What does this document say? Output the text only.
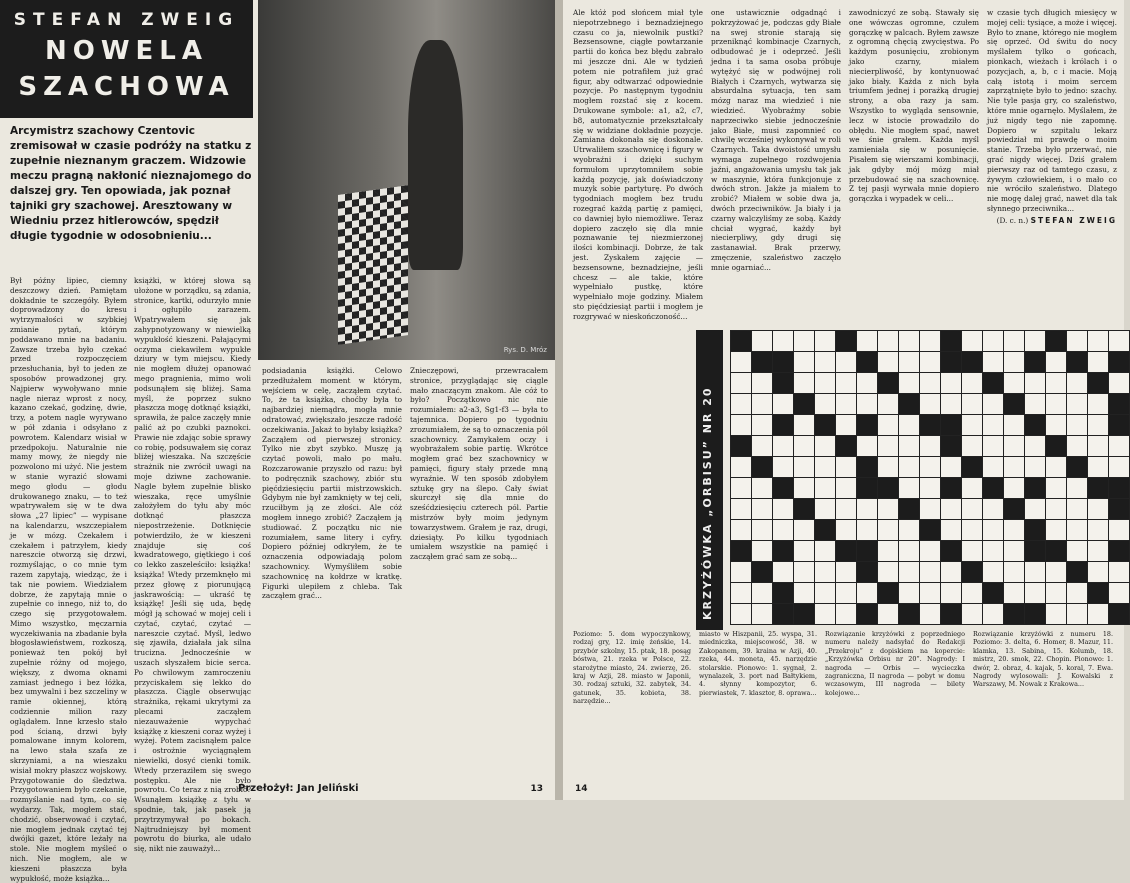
STEFAN ZWEIG
NOWELA
SZACHOWA
Rys. D. Mróz
Arcymistrz szachowy Czentovic zremisował w czasie podróży na statku z zupełnie nieznanym graczem. Widzowie meczu pragną nakłonić nieznajomego do dalszej gry. Ten opowiada, jak poznał tajniki gry szachowej. Aresztowany w Wiedniu przez hitlerowców, spędził długie tygodnie w odosobnieniu...
Był późny lipiec, ciemny deszczowy dzień. Pamiętam dokładnie te szczegóły. Byłem doprowadzony do kresu wytrzymałości w szybkiej zmianie pytań, którym poddawano mnie na badaniu. Zawsze trzeba było czekać przed rozpoczęciem przesłuchania, był to jeden ze sposobów prowadzonej gry. Najpierw wywoływano mnie nagle nieraz wprost z nocy, kazano czekać, godzinę, dwie, trzy, a potem nagle wyrywano w pół zdania i odsyłano z powrotem. Kalendarz wisiał w przedpokoju. Naturalnie nie mamy mowy, że niegdy nie pozwolono mi użyć. Nie jestem w stanie wyrazić słowami mego głodu — głodu drukowanego znaku, — to też wpatrywałem się w te dwa słowa „27 lipiec” — wypisane na kalendarzu, wszczepiałem je w mózg. Czekałem i czekałem i patrzyłem, kiedy nareszcie otworzą się drzwi, rozmyślając, o co mnie tym razem zapytają, wiedząc, że i tak nie powiem. Wiedziałem dobrze, że zapytają mnie o zupełnie co innego, niż to, do czego się przygotowałem. Mimo wszystko, męczarnia wyczekiwania na zbadanie była błogosławieństwem, rozkoszą, ponieważ ten pokój był zupełnie różny od mojego, większy, z dwoma oknami zamiast jednego i bez łóżka, bez umywalni i bez szczeliny w ramie okiennej, którą codziennie milion razy oglądałem. Inne krzesło stało pod ścianą, drzwi były pomalowane innym kolorem, na lewo stała szafa ze skrzyniami, a na wieszaku wisiał mokry płaszcz wojskowy. Przygotowanie do śledztwa. Przygotowaniem było czekanie, rozmyślanie nad tym, co się wydarzy. Tak, mogłem stać, chodzić, obserwować i czytać, nie mogłem jednak czytać tej dwójki gazet, które leżały na stole. Nie mogłem myśleć o nich. Nie mogłem, ale w kieszeni płaszcza była wypukłość, może książka...
książki, w której słowa są ułożone w porządku, są zdania, stronice, kartki, odurzyło mnie i ogłupiło zarazem. Wpatrywałem się jak zahypnotyzowany w niewielką wypukłość kieszeni. Pałającymi oczyma ciekawiłem wypukłe dziury w tym miejscu. Kiedy nie mogłem dłużej opanować mego pragnienia, mimo woli podsunąłem się bliżej. Sama myśl, że poprzez sukno płaszcza mogę dotknąć książki, sprawiła, że palce zaczęły mnie palić aż po czubki paznokci. Prawie nie zdając sobie sprawy co robię, podsuwałem się coraz bliżej wieszaka. Na szczęście strażnik nie zwrócił uwagi na moje dziwne zachowanie. Nagle byłem zupełnie blisko wieszaka, ręce umyślnie założyłem do tyłu aby móc dotknąć płaszcza niepostrzeżenie. Dotknięcie potwierdziło, że w kieszeni znajduje się coś kwadratowego, giętkiego i coś co lekko zaszeleściło: książka! książka! Wtedy przemknęło mi przez głowę z piorunującą jaskrawością: — ukraść tę książkę! Jeśli się uda, będę mógł ją schować w mojej celi i czytać, czytać, czytać — nareszcie czytać. Myśl, ledwo się zjawiła, działała jak silna trucizna. Jednocześnie w uszach słyszałem bicie serca. Po chwilowym zamroczeniu przyciskałem się lekko do płaszcza. Ciągle obserwując strażnika, rękami ukrytymi za plecami zacząłem niezauważenie wypychać książkę z kieszeni coraz wyżej i wyżej. Potem zacisnąłem palce i ostrożnie wyciągnąłem niewielki, dosyć cienki tomik. Wtedy przeraziłem się swego postępku. Ale nie było powrotu. Co teraz z nią zrobić? Wsunąłem książkę z tyłu w spodnie, tak, jak pasek ją przytrzymywał po bokach. Najtrudniejszy był moment powrotu do biurka, ale udało się, nikt nie zauważył...
podsiadania książki. Celowo przedłużałem moment w którym, wejściem w celę, zacząłem czytać. To, że ta książka, choćby była to najbardziej niemądra, mogła mnie odratować, zwiększało jeszcze radość oczekiwania. Jakaż to byłaby książka? Zacząłem od pierwszej stronicy. Tylko nie zbyt szybko. Muszę ją czytać powoli, mało po mału. Rozczarowanie przyszło od razu: był to podręcznik szachowy, zbiór stu pięćdziesięciu partii mistrzowskich. Gdybym nie był zamknięty w tej celi, rzuciłbym ją ze złości. Ale cóż mogłem innego zrobić? Zacząłem ją studiować. Z początku nic nie rozumiałem, same litery i cyfry. Dopiero później odkryłem, że te oznaczenia odpowiadają polom szachownicy. Wymyśliłem sobie szachownicę na kołdrze w kratkę. Figurki ulepiłem z chleba. Tak zacząłem grać...
Znieczępowi, przewracałem stronice, przyglądając się ciągle mało znaczącym znakom. Ale cóż to było? Początkowo nic nie rozumiałem: a2-a3, Sg1-f3 — była to tajemnica. Dopiero po tygodniu zrozumiałem, że są to oznaczenia pól szachownicy. Zamykałem oczy i wyobrażałem sobie partię. Wkrótce mogłem grać bez szachownicy w pamięci, figury stały przede mną wyraźnie. W ten sposób zdobyłem sztukę gry na ślepo. Cały świat skurczył się dla mnie do sześćdziesięciu czterech pól. Partie mistrzów były moim jedynym towarzystwem. Grałem je raz, drugi, dziesiąty. Po kilku tygodniach umiałem wszystkie na pamięć i zacząłem grać sam ze sobą...
Przełożył: Jan Jeliński	13
Ale któż pod słońcem miał tyle niepotrzebnego i beznadziejnego czasu co ja, niewolnik pustki? Bezsensowne, ciągłe powtarzanie partii do końca bez błędu zabrało mi jeszcze dni. Ale w tydzień potem nie potrafiłem już grać figur, aby odtwarzać odpowiednie pozycje. Po następnym tygodniu mogłem rozstać się z kocem. Drukowane symbole: a1, a2, c7, b8, automatycznie przekształcały się w widziane dokładnie pozycje. Zamiana dokonała się doskonale. Utrwaliłem szachownicę i figury w wyobraźni i dzięki suchym formułom uprzytomniłem sobie każdą pozycję, jak doświadczony muzyk sobie partyturę. Po dwóch tygodniach mogłem bez trudu rozegrać każdą partię z pamięci, co dawniej było niemożliwe. Teraz dopiero zaczęło się dla mnie poznawanie tej niezmierzonej ilości kombinacji. Dobrze, że tak jest. Zyskałem zajęcie — bezsensowne, beznadziejne, jeśli chcesz — ale takie, które wypełniało pustkę, które wypełniało moje godziny. Miałem sto pięćdziesiąt partii i mogłem je rozgrywać w nieskończoność...
one ustawicznie odgadnąć i pokrzyżować je, podczas gdy Białe na swej stronie starają się przeniknąć kombinacje Czarnych, odbudować je i odeprzeć. Jeśli jedna i ta sama osoba próbuje wytężyć się w podwójnej roli Białych i Czarnych, wytwarza się absurdalna sytuacja, ten sam mózg naraz ma wiedzieć i nie wiedzieć. Wyobraźmy sobie naprzeciwko siebie jednocześnie jako Białe, musi zapomnieć co chwilę wcześniej wykonywał w roli Czarnych. Taka dwoistość umysłu wymaga zupełnego rozdwojenia jaźni, angażowania umysłu tak jak w maszynie, która funkcjonuje z dwóch stron. Jakże ja miałem to zrobić? Miałem w sobie dwa ja, dwóch przeciwników. Ja biały i ja czarny walczyliśmy ze sobą. Każdy chciał wygrać, każdy był niecierpliwy, gdy drugi się zastanawiał. Brak przerwy, zmęczenie, szaleństwo zaczęło mnie ogarniać...
zawodniczyć ze sobą. Stawały się one wówczas ogromne, czułem gorączkę w palcach. Byłem zawsze z ogromną chęcią zwycięstwa. Po każdym posunięciu, zrobionym jako czarny, miałem niecierpliwość, by kontynuować jako biały. Każda z nich była triumfem jednej i porażką drugiej strony, a oba razy ja sam. Wszystko to wygląda sensownie, lecz w istocie prowadziło do obłędu. Nie mogłem spać, nawet we śnie grałem. Każda myśl zamieniała się w posunięcie. Pisałem się wierszami kombinacji, jak gdyby mój mózg miał przebudować się na szachownicę. Z tej pasji wyrwała mnie dopiero gorączka i wypadek w celi...
w czasie tych długich miesięcy w mojej celi: tysiące, a może i więcej. Było to znane, którego nie mogłem się oprzeć. Od świtu do nocy myślałem tylko o gońcach, pionkach, wieżach i królach i o pozycjach, a, b, c i macie. Moją całą istotą i moim sercem zaprzątnięte było to jedno: szachy. Nie tyle pasja gry, co szaleństwo, które mnie ogarnęło. Myślałem, że już nigdy tego nie zapomnę. Dopiero w szpitalu lekarz powiedział mi prawdę o moim stanie. Trzeba było przerwać, nie grać nigdy więcej. Dziś grałem pierwszy raz od tamtego czasu, z żywym człowiekiem, i o mało co nie wróciło szaleństwo. Dlatego nie mogę dalej grać, nawet dla tak słynnego przeciwnika...
(D. c. n.) STEFAN ZWEIG
KRZYŻÓWKA „ORBISU” NR 20
Poziomo: 5. dom wypoczynkowy, rodzaj gry, 12. imię żeńskie, 14. przybór szkolny, 15. ptak, 18. posąg bóstwa, 21. rzeka w Polsce, 22. starożytne miasto, 24. zwierzę, 26. kraj w Azji, 28. miasto w Japonii, 30. rodzaj sztuki, 32. zabytek, 34. gatunek, 35. kobieta, 38. narzędzie...
miasto w Hiszpanii, 25. wyspa, 31. miedniczka, miejscowość, 38. w Zakopanem, 39. kraina w Azji, 40. rzeka, 44. moneta, 45. narzędzie stolarskie. Pionowo: 1. sygnał, 2. wynalazek, 3. port nad Bałtykiem, 4. słynny kompozytor, 6. pierwiastek, 7. klasztor, 8. oprawa...
Rozwiązanie krzyżówki z poprzedniego numeru należy nadsyłać do Redakcji „Przekroju” z dopiskiem na kopercie: „Krzyżówka Orbisu nr 20”. Nagrody: I nagroda — Orbis — wycieczka zagraniczna, II nagroda — pobyt w domu wczasowym, III nagroda — bilety kolejowe...
Rozwiązanie krzyżówki z numeru 18. Poziomo: 3. delta, 6. Homer, 8. Mazur, 11. klamka, 13. Sabina, 15. Kolumb, 18. mistrz, 20. smok, 22. Chopin. Pionowo: 1. dwór, 2. obraz, 4. kajak, 5. koral, 7. Ewa. Nagrody wylosowali: J. Kowalski z Warszawy, M. Nowak z Krakowa...
14
